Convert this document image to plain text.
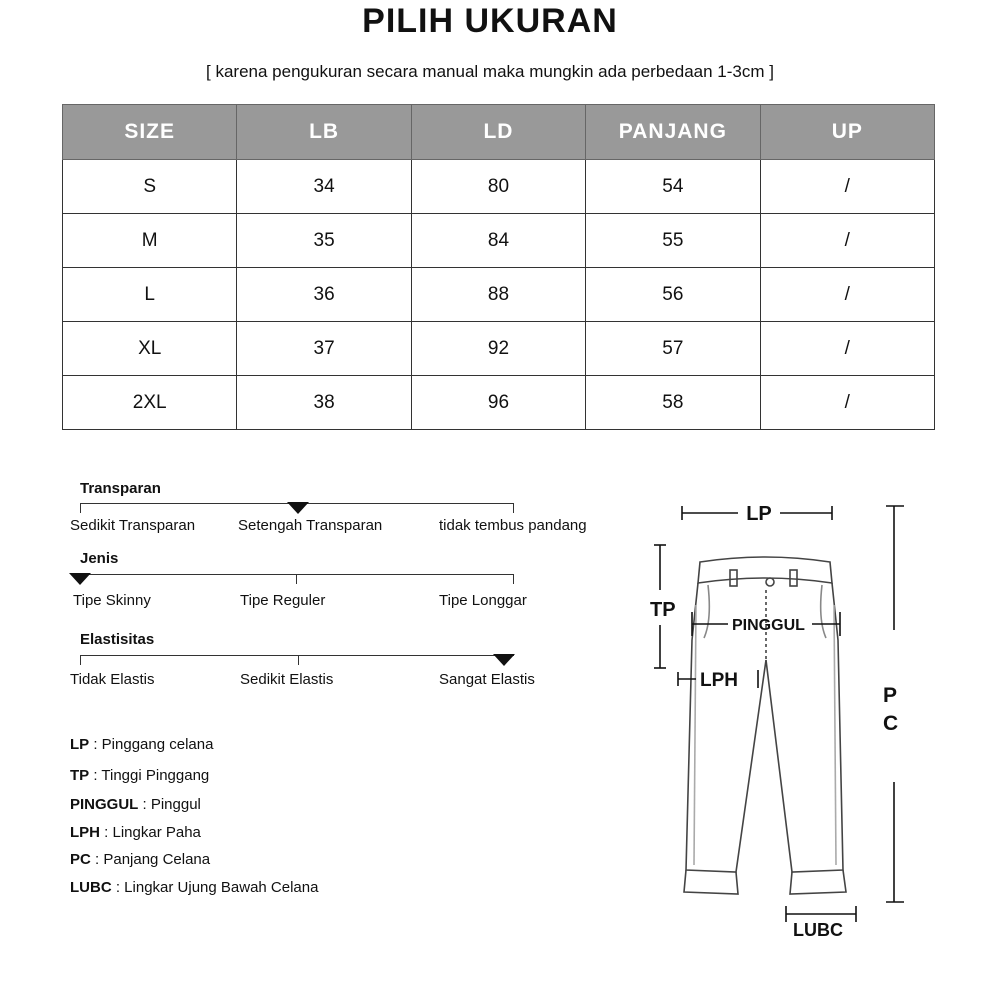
PILIH UKURAN
[ karena pengukuran secara manual maka mungkin ada perbedaan 1-3cm ]
SIZE	LB	LD	PANJANG	UP
S	34	80	54	/
M	35	84	55	/
L	36	88	56	/
XL	37	92	57	/
2XL	38	96	58	/
Transparan
Sedikit Transparan	Setengah Transparan	tidak tembus pandang
Jenis
Tipe Skinny	Tipe Reguler	Tipe Longgar
Elastisitas
Tidak Elastis	Sedikit Elastis	Sangat Elastis
LP : Pinggang celana
TP : Tinggi Pinggang
PINGGUL : Pinggul
LPH : Lingkar Paha
PC : Panjang Celana
LUBC : Lingkar Ujung Bawah Celana
LP
TP
PINGGUL
LPH
P
C
LUBC
